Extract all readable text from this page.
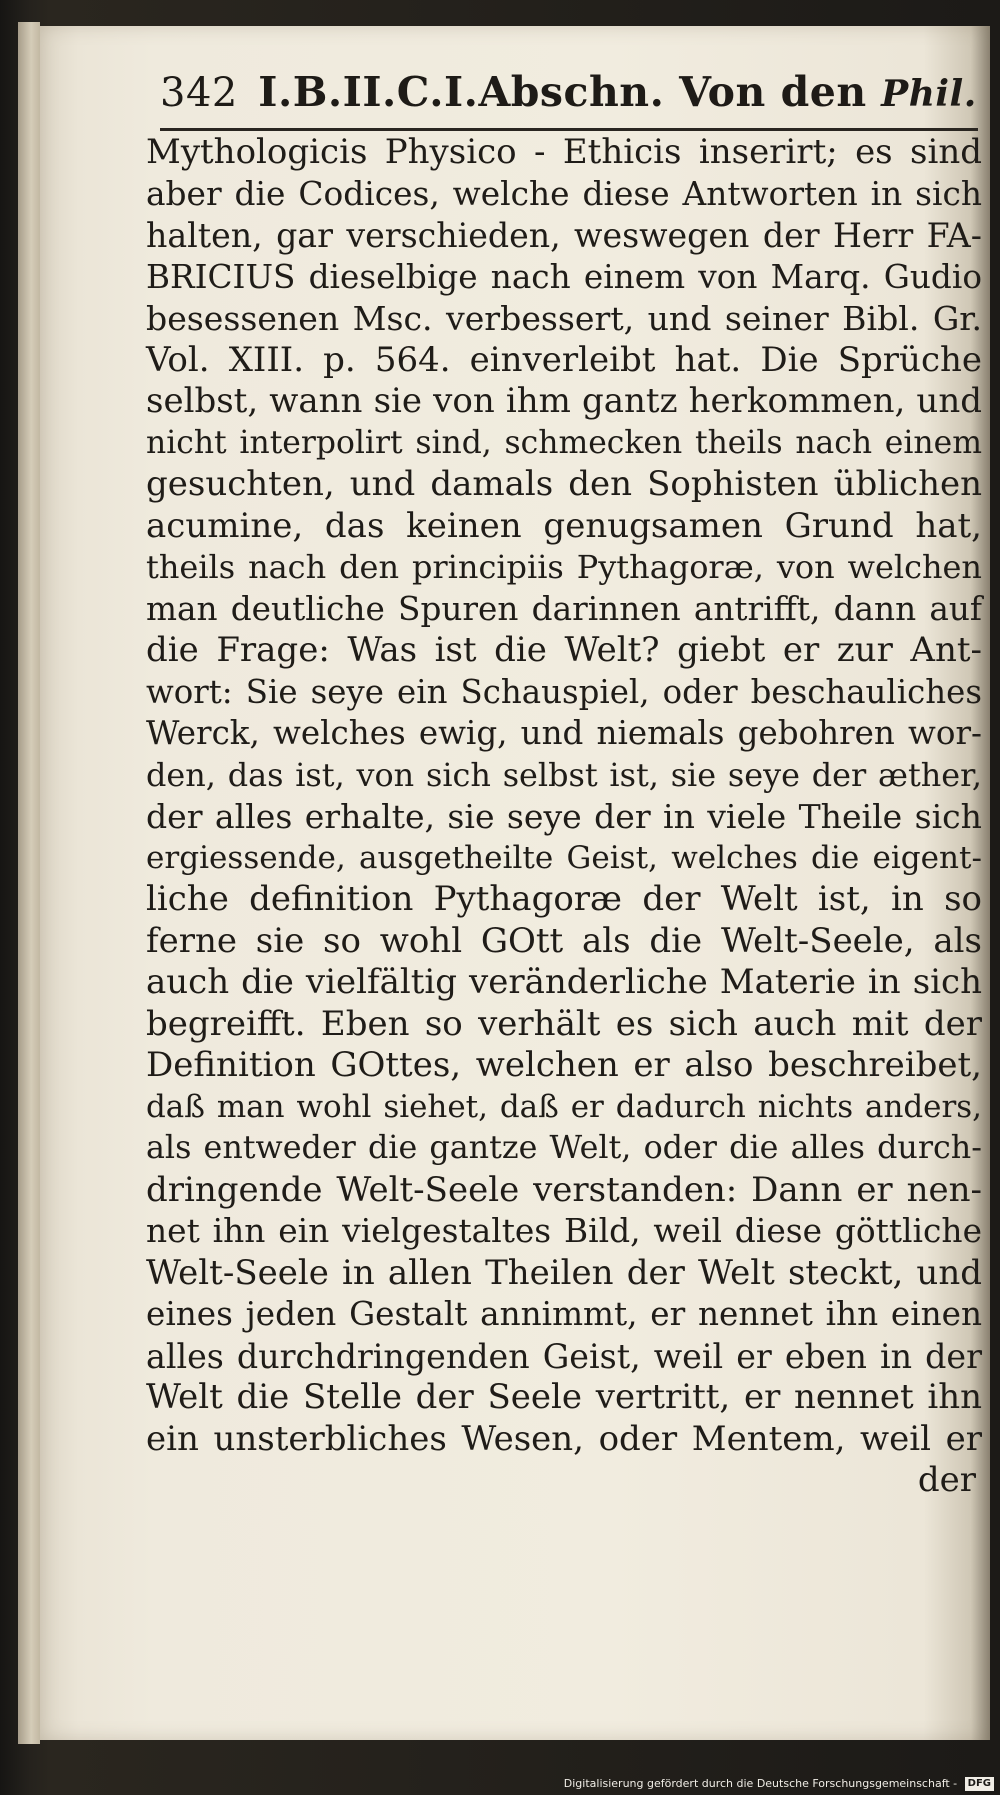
342 I.B.II.C.I.Abschn. Von den Phil.
Mythologicis Physico - Ethicis inserirt; es sind
aber die Codices, welche diese Antworten in sich
halten, gar verschieden, weswegen der Herr FA-
BRICIUS dieselbige nach einem von Marq. Gudio
besessenen Msc. verbessert, und seiner Bibl. Gr.
Vol. XIII. p. 564. einverleibt hat. Die Sprüche
selbst, wann sie von ihm gantz herkommen, und
nicht interpolirt sind, schmecken theils nach einem
gesuchten, und damals den Sophisten üblichen
acumine, das keinen genugsamen Grund hat,
theils nach den principiis Pythagoræ, von welchen
man deutliche Spuren darinnen antrifft, dann auf
die Frage: Was ist die Welt? giebt er zur Ant-
wort: Sie seye ein Schauspiel, oder beschauliches
Werck, welches ewig, und niemals gebohren wor-
den, das ist, von sich selbst ist, sie seye der æther,
der alles erhalte, sie seye der in viele Theile sich
ergiessende, ausgetheilte Geist, welches die eigent-
liche definition Pythagoræ der Welt ist, in so
ferne sie so wohl GOtt als die Welt-Seele, als
auch die vielfältig veränderliche Materie in sich
begreifft. Eben so verhält es sich auch mit der
Definition GOttes, welchen er also beschreibet,
daß man wohl siehet, daß er dadurch nichts anders,
als entweder die gantze Welt, oder die alles durch-
dringende Welt-Seele verstanden: Dann er nen-
net ihn ein vielgestaltes Bild, weil diese göttliche
Welt-Seele in allen Theilen der Welt steckt, und
eines jeden Gestalt annimmt, er nennet ihn einen
alles durchdringenden Geist, weil er eben in der
Welt die Stelle der Seele vertritt, er nennet ihn
ein unsterbliches Wesen, oder Mentem, weil er
der
Digitalisierung gefördert durch die Deutsche Forschungsgemeinschaft - DFG
